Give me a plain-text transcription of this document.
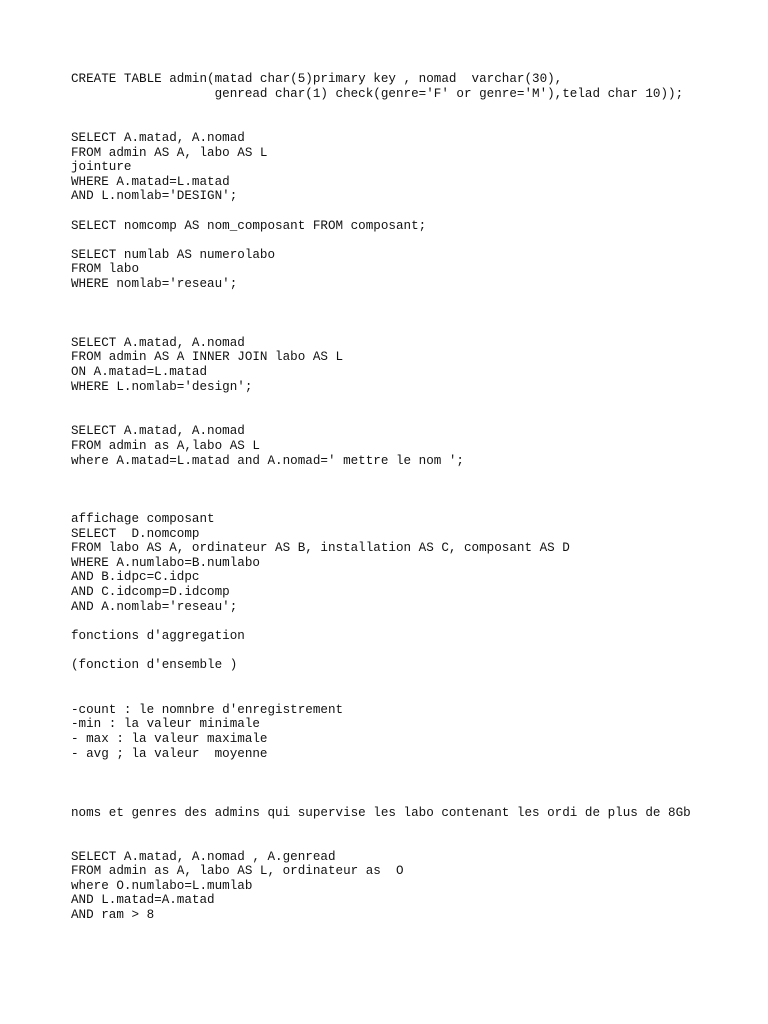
CREATE TABLE admin(matad char(5)primary key , nomad  varchar(30),

genread char(1) check(genre='F' or genre='M'),telad char 10));

SELECT A.matad, A.nomad

FROM admin AS A, labo AS L

jointure

WHERE A.matad=L.matad

AND L.nomlab='DESIGN';

SELECT nomcomp AS nom_composant FROM composant;

SELECT numlab AS numerolabo

FROM labo

WHERE nomlab='reseau';

SELECT A.matad, A.nomad

FROM admin AS A INNER JOIN labo AS L

ON A.matad=L.matad

WHERE L.nomlab='design';

SELECT A.matad, A.nomad

FROM admin as A,labo AS L

where A.matad=L.matad and A.nomad=' mettre le nom ';

affichage composant

SELECT  D.nomcomp

FROM labo AS A, ordinateur AS B, installation AS C, composant AS D

WHERE A.numlabo=B.numlabo

AND B.idpc=C.idpc

AND C.idcomp=D.idcomp

AND A.nomlab='reseau';

fonctions d'aggregation

(fonction d'ensemble )

-count : le nomnbre d'enregistrement

-min : la valeur minimale

- max : la valeur maximale

- avg ; la valeur  moyenne

noms et genres des admins qui supervise les labo contenant les ordi de plus de 8Gb

SELECT A.matad, A.nomad , A.genread

FROM admin as A, labo AS L, ordinateur as  O

where O.numlabo=L.mumlab

AND L.matad=A.matad

AND ram > 8
